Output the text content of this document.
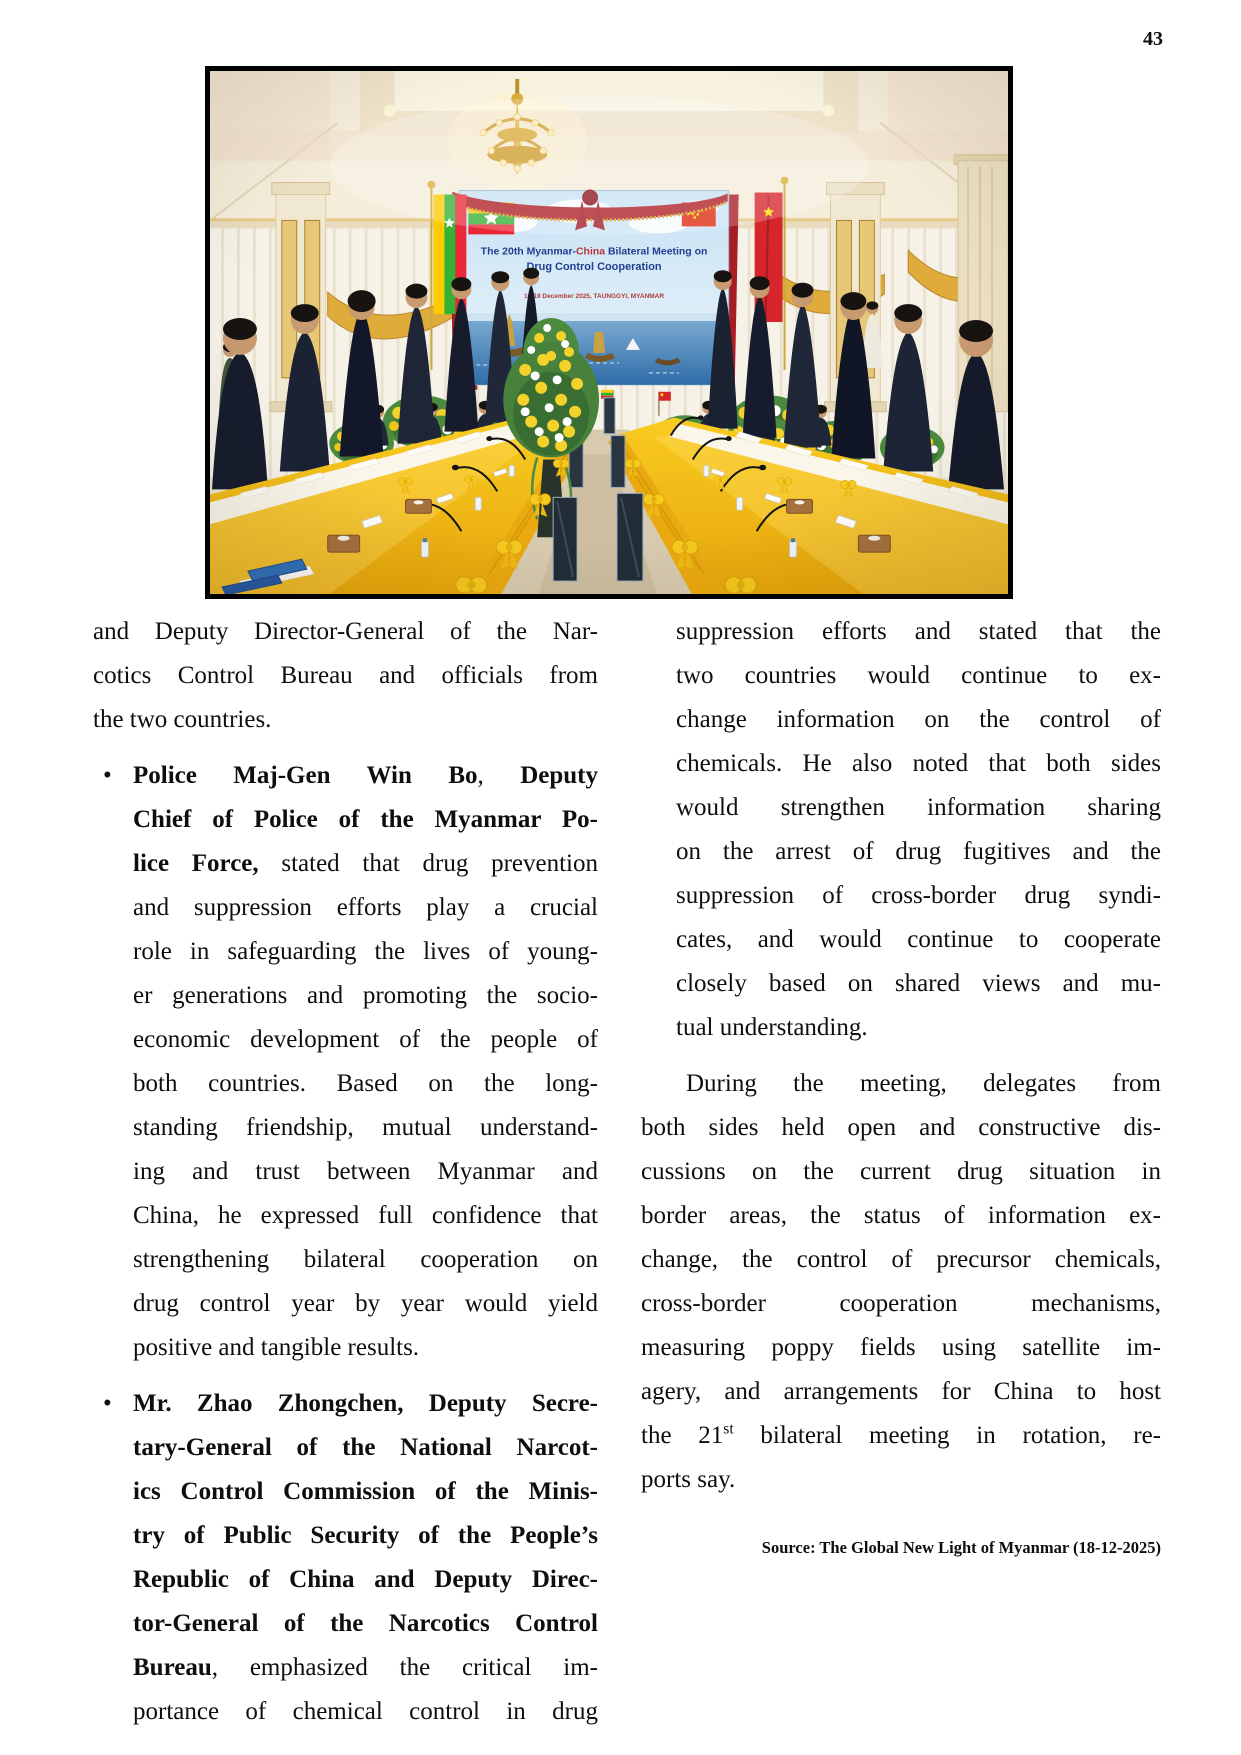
43
and Deputy Director-General of the Nar-
cotics Control Bureau and officials from
the two countries.
• Police Maj-Gen Win Bo, Deputy
Chief of Police of the Myanmar Po-
lice Force, stated that drug prevention
and suppression efforts play a crucial
role in safeguarding the lives of young-
er generations and promoting the socio-
economic development of the people of
both countries. Based on the long-
standing friendship, mutual understand-
ing and trust between Myanmar and
China, he expressed full confidence that
strengthening bilateral cooperation on
drug control year by year would yield
positive and tangible results.
• Mr. Zhao Zhongchen, Deputy Secre-
tary-General of the National Narcot-
ics Control Commission of the Minis-
try of Public Security of the People’s
Republic of China and Deputy Direc-
tor-General of the Narcotics Control
Bureau, emphasized the critical im-
portance of chemical control in drug
suppression efforts and stated that the
two countries would continue to ex-
change information on the control of
chemicals. He also noted that both sides
would strengthen information sharing
on the arrest of drug fugitives and the
suppression of cross-border drug syndi-
cates, and would continue to cooperate
closely based on shared views and mu-
tual understanding.
During the meeting, delegates from
both sides held open and constructive dis-
cussions on the current drug situation in
border areas, the status of information ex-
change, the control of precursor chemicals,
cross-border cooperation mechanisms,
measuring poppy fields using satellite im-
agery, and arrangements for China to host
the 21st bilateral meeting in rotation, re-
ports say.
Source: The Global New Light of Myanmar (18-12-2025)
